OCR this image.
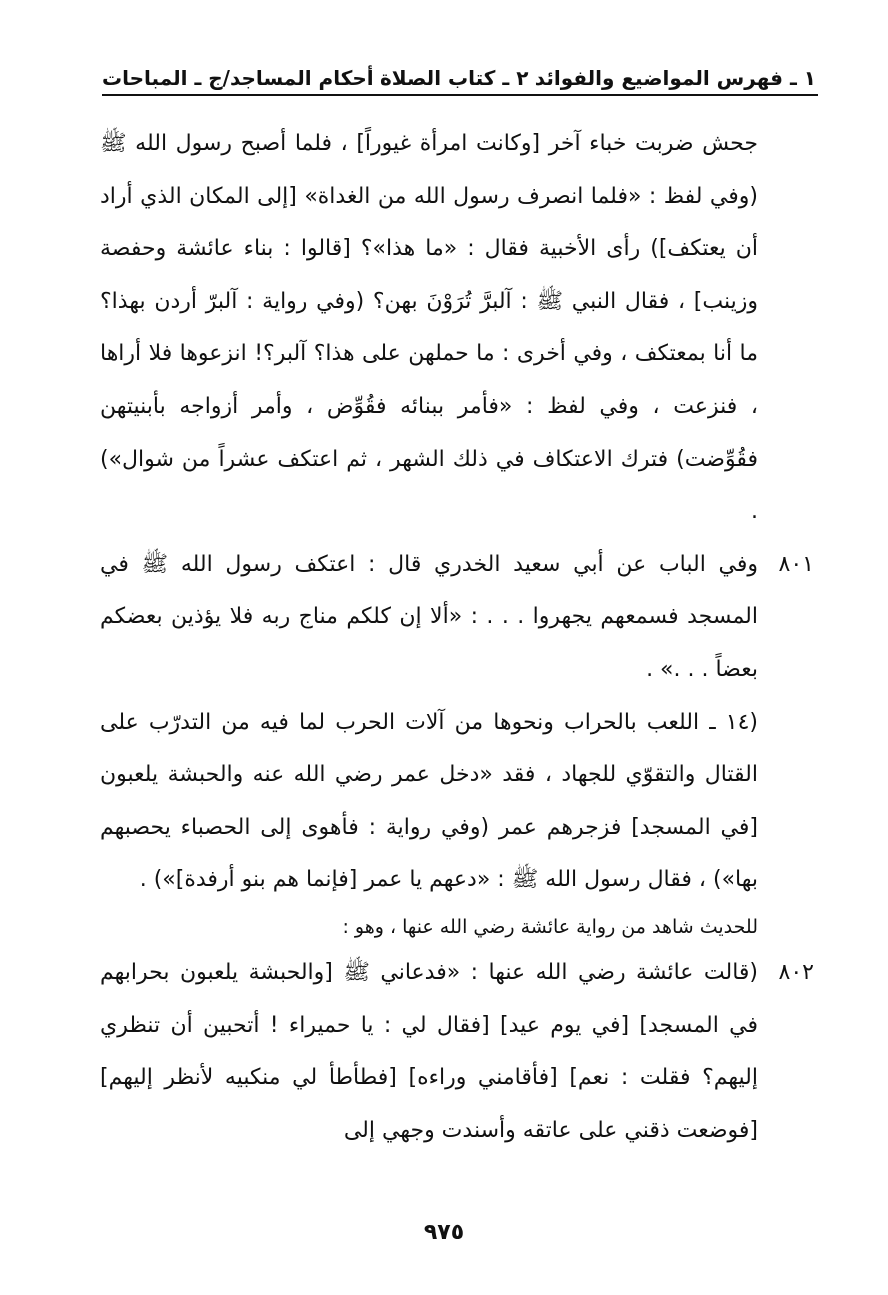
١ ـ فهرس المواضيع والفوائد
٢ ـ كتاب الصلاة
أحكام المساجد/ج ـ المباحات

جحش ضربت خباء آخر [وكانت امرأة غيوراً] ، فلما أصبح رسول الله ﷺ (وفي لفظ : «فلما انصرف رسول الله من الغداة» [إلى المكان الذي أراد أن يعتكف]) رأى الأخبية فقال : «ما هذا»؟ [قالوا : بناء عائشة وحفصة وزينب] ، فقال النبي ﷺ : آلبرَّ تُرَوْنَ بهن؟ (وفي رواية : آلبرّ أردن بهذا؟ ما أنا بمعتكف ، وفي أخرى : ما حملهن على هذا؟ آلبر؟! انزعوها فلا أراها ، فنزعت ، وفي لفظ : «فأمر ببنائه فقُوِّض ، وأمر أزواجه بأبنيتهن فقُوِّضت) فترك الاعتكاف في ذلك الشهر ، ثم اعتكف عشراً من شوال») .

٨٠١
وفي الباب عن أبي سعيد الخدري قال : اعتكف رسول الله ﷺ في المسجد فسمعهم يجهروا . . . : «ألا إن كلكم مناج ربه فلا يؤذين بعضكم بعضاً . . .» .

(١٤ ـ اللعب بالحراب ونحوها من آلات الحرب لما فيه من التدرّب على القتال والتقوّي للجهاد ، فقد «دخل عمر رضي الله عنه والحبشة يلعبون [في المسجد] فزجرهم عمر (وفي رواية : فأهوى إلى الحصباء يحصبهم بها») ، فقال رسول الله ﷺ : «دعهم يا عمر [فإنما هم بنو أرفدة]») .

للحديث شاهد من رواية عائشة رضي الله عنها ، وهو :

٨٠٢
(قالت عائشة رضي الله عنها : «فدعاني ﷺ [والحبشة يلعبون بحرابهم في المسجد] [في يوم عيد] [فقال لي : يا حميراء ! أتحبين أن تنظري إليهم؟ فقلت : نعم] [فأقامني وراءه] [فطأطأ لي منكبيه لأنظر إليهم] [فوضعت ذقني على عاتقه وأسندت وجهي إلى
٩٧٥
